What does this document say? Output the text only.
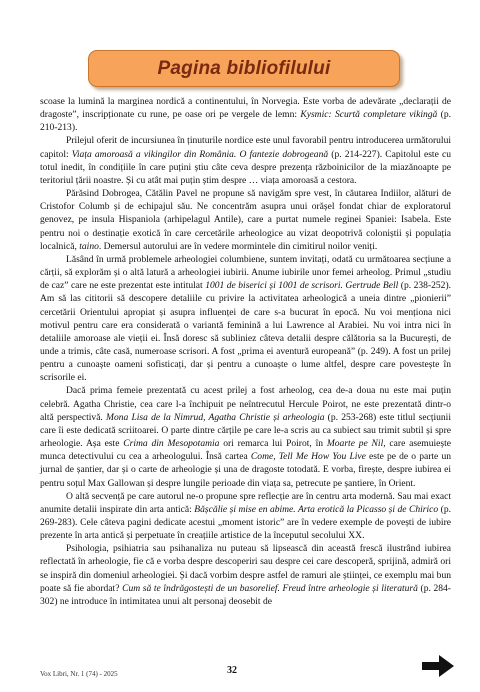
Pagina bibliofilului

scoase la lumină la marginea nordică a continentului, în Norvegia. Este vorba de adevărate „declarații de dragoste”, inscripționate cu rune, pe oase ori pe vergele de lemn: Kysmic: Scurtă completare vikingă (p. 210-213).

Prilejul oferit de incursiunea în ținuturile nordice este unul favorabil pentru introducerea următorului capitol: Viața amoroasă a vikingilor din România. O fantezie dobrogeană (p. 214-227). Capitolul este cu totul inedit, în condițiile în care puțini știu câte ceva despre prezența războinicilor de la miazănoapte pe teritoriul țării noastre. Și cu atât mai puțin știm despre … viața amoroasă a cestora.

Părăsind Dobrogea, Cătălin Pavel ne propune să navigăm spre vest, în căutarea Indiilor, alături de Cristofor Columb și de echipajul său. Ne concentrăm asupra unui orășel fondat chiar de exploratorul genovez, pe insula Hispaniola (arhipelagul Antile), care a purtat numele reginei Spaniei: Isabela. Este pentru noi o destinație exotică în care cercetările arheologice au vizat deopotrivă coloniștii și populația localnică, taino. Demersul autorului are în vedere mormintele din cimitirul noilor veniți.

Lăsând în urmă problemele arheologiei columbiene, suntem invitați, odată cu următoarea secțiune a cărții, să explorăm și o altă latură a arheologiei iubirii. Anume iubirile unor femei arheolog. Primul „studiu de caz” care ne este prezentat este intitulat 1001 de biserici și 1001 de scrisori. Gertrude Bell (p. 238-252). Am să las cititorii să descopere detaliile cu privire la activitatea arheologică a uneia dintre „pionierii” cercetării Orientului apropiat și asupra influenței de care s-a bucurat în epocă. Nu voi menționa nici motivul pentru care era considerată o variantă feminină a lui Lawrence al Arabiei. Nu voi intra nici în detaliile amoroase ale vieții ei. Însă doresc să subliniez câteva detalii despre călătoria sa la București, de unde a trimis, câte casă, numeroase scrisori. A fost „prima ei aventură europeană” (p. 249). A fost un prilej pentru a cunoaște oameni sofisticați, dar și pentru a cunoaște o lume altfel, despre care povestește în scrisorile ei.

Dacă prima femeie prezentată cu acest prilej a fost arheolog, cea de-a doua nu este mai puțin celebră. Agatha Christie, cea care l-a închipuit pe neîntrecutul Hercule Poirot, ne este prezentată dintr-o altă perspectivă. Mona Lisa de la Nimrud, Agatha Christie și arheologia (p. 253-268) este titlul secțiunii care îi este dedicată scriitoarei. O parte dintre cărțile pe care le-a scris au ca subiect sau trimit subtil și spre arheologie. Așa este Crima din Mesopotamia ori remarca lui Poirot, în Moarte pe Nil, care asemuiește munca detectivului cu cea a arheologului. Însă cartea Come, Tell Me How You Live este pe de o parte un jurnal de șantier, dar și o carte de arheologie și una de dragoste totodată. E vorba, firește, despre iubirea ei pentru soțul Max Gallowan și despre lungile perioade din viața sa, petrecute pe șantiere, în Orient.

O altă secvență pe care autorul ne-o propune spre reflecție are în centru arta modernă. Sau mai exact anumite detalii inspirate din arta antică: Bășcălie și mise en abime. Arta erotică la Picasso și de Chirico (p. 269-283). Cele câteva pagini dedicate acestui „moment istoric” are în vedere exemple de povești de iubire prezente în arta antică și perpetuate în creațiile artistice de la începutul secolului XX.

Psihologia, psihiatria sau psihanaliza nu puteau să lipsească din această frescă ilustrând iubirea reflectată în arheologie, fie că e vorba despre descoperiri sau despre cei care descoperă, sprijină, admiră ori se inspiră din domeniul arheologiei. Și dacă vorbim despre astfel de ramuri ale științei, ce exemplu mai bun poate să fie abordat? Cum să te îndrăgostești de un basorelief. Freud între arheologie și literatură (p. 284-302) ne introduce în intimitatea unui alt personaj deosebit de

Vox Libri, Nr. 1 (74) - 2025	32
